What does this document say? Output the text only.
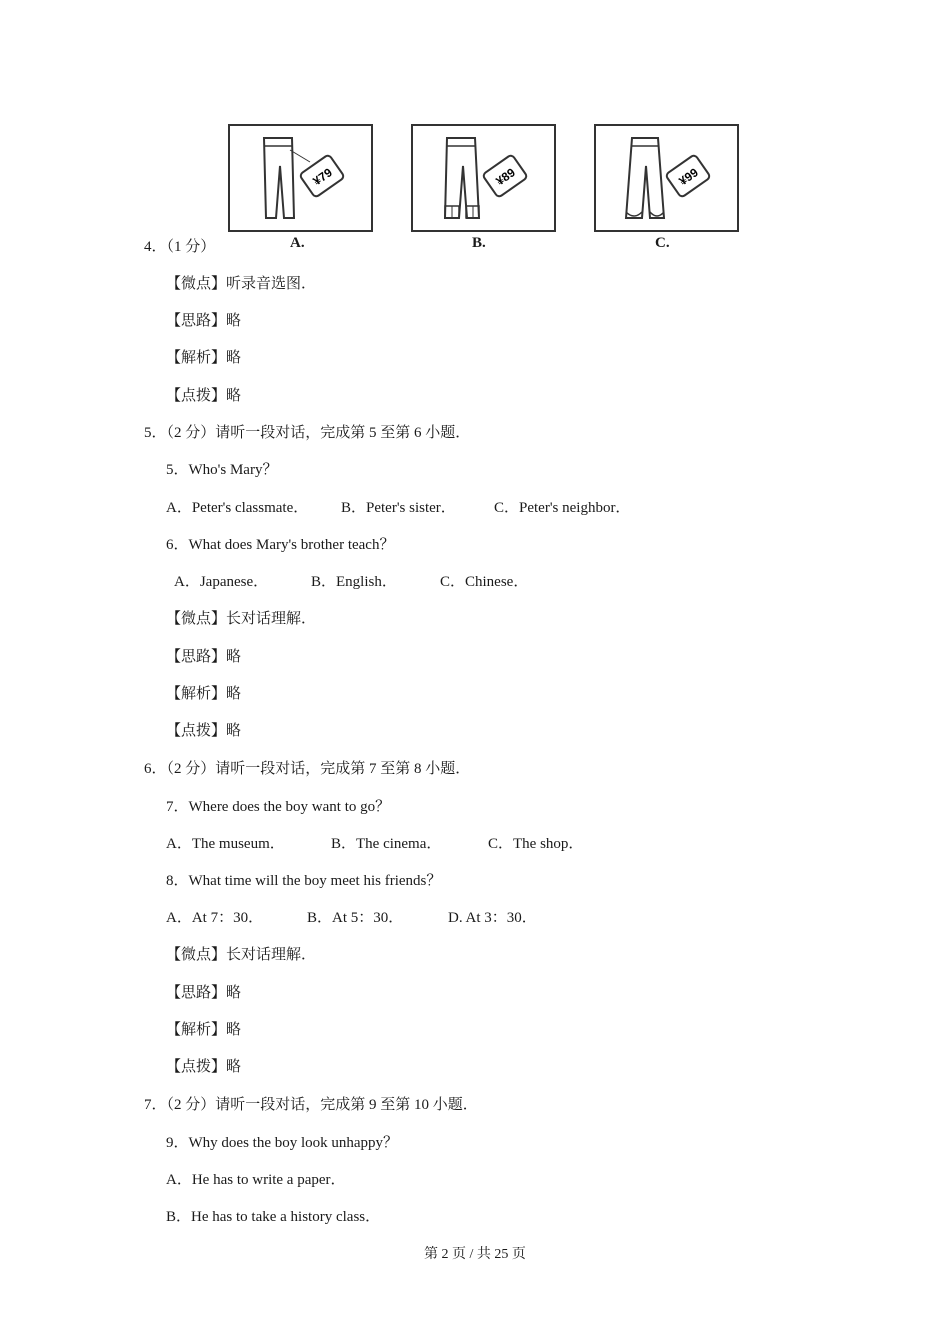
¥79
A.
¥89
B.
¥99
C.
4．（1 分）
【微点】听录音选图．
【思路】略
【解析】略
【点拨】略
5．（2 分）请听一段对话，完成第 5 至第 6 小题．
5．Who's Mary？
A．Peter's classmate． B．Peter's sister．	C．Peter's neighbor．
6．What does Mary's brother teach？
A．Japanese．	B．English．	C．Chinese．
【微点】长对话理解．
【思路】略
【解析】略
【点拨】略
6．（2 分）请听一段对话，完成第 7 至第 8 小题．
7．Where does the boy want to go？
A．The museum．	B．The cinema．	C．The shop．
8．What time will the boy meet his friends？
A．At 7：30．	B．At 5：30．	D. At 3：30．
【微点】长对话理解．
【思路】略
【解析】略
【点拨】略
7．（2 分）请听一段对话，完成第 9 至第 10 小题．
9．Why does the boy look unhappy？
A．He has to write a paper．
B．He has to take a history class．
第 2 页 / 共 25 页
